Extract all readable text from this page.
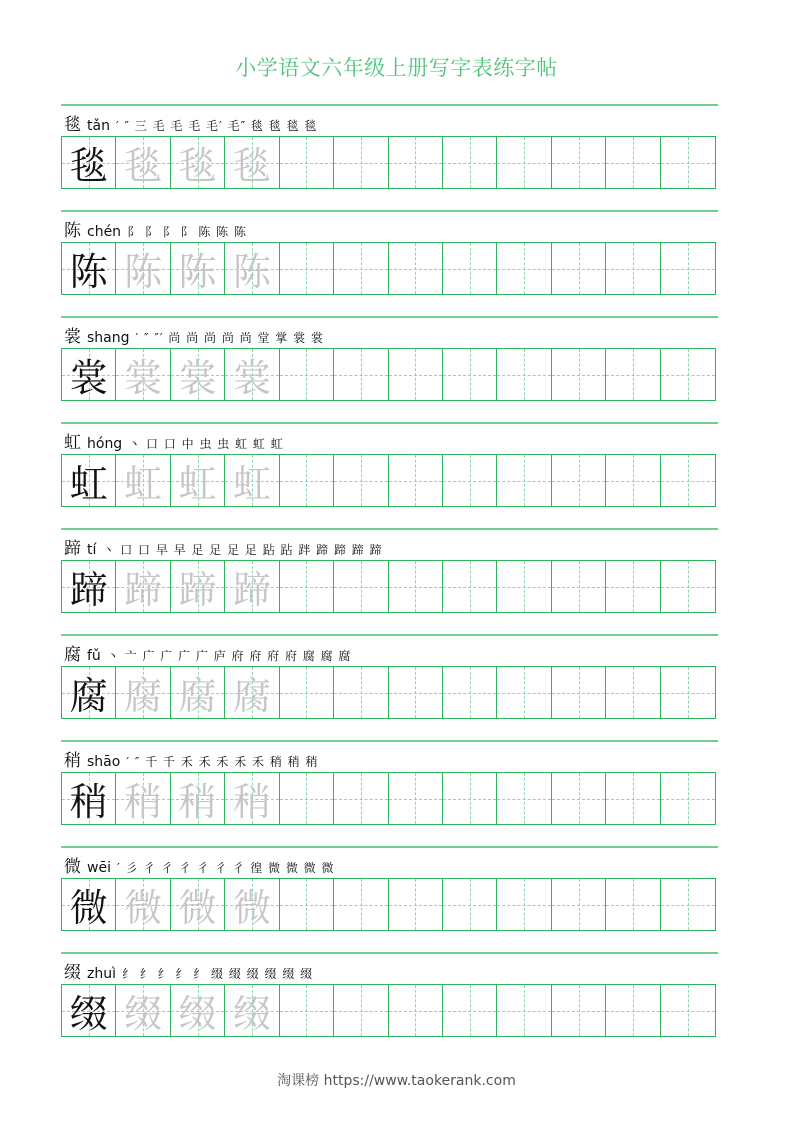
小学语文六年级上册写字表练字帖
毯 tǎn ′ ″ 三 毛 毛 毛 毛′ 毛″ 毯 毯 毯 毯
毯 毯 毯 毯
陈 chén 阝 阝 阝 阝 陈 陈 陈
陈 陈 陈 陈
裳 shang ′ ″ ″′ 尚 尚 尚 尚 尚 堂 掌 裳 裳
裳 裳 裳 裳
虹 hóng 丶 口 口 中 虫 虫 虹 虹 虹
虹 虹 虹 虹
蹄 tí 丶 口 口 早 早 足 足 足 足 跕 跕 跘 蹄 蹄 蹄 蹄
蹄 蹄 蹄 蹄
腐 fǔ 丶 亠 广 广 广 广 庐 府 府 府 府 腐 腐 腐
腐 腐 腐 腐
稍 shāo ′ ″ 千 千 禾 禾 禾 禾 禾 稍 稍 稍
稍 稍 稍 稍
微 wēi ′ 彡 彳 彳 彳 彳 彳 彳 徨 微 微 微 微
微 微 微 微
缀 zhuì 纟 纟 纟 纟 纟 缀 缀 缀 缀 缀 缀
缀 缀 缀 缀
淘课榜 https://www.taokerank.com
